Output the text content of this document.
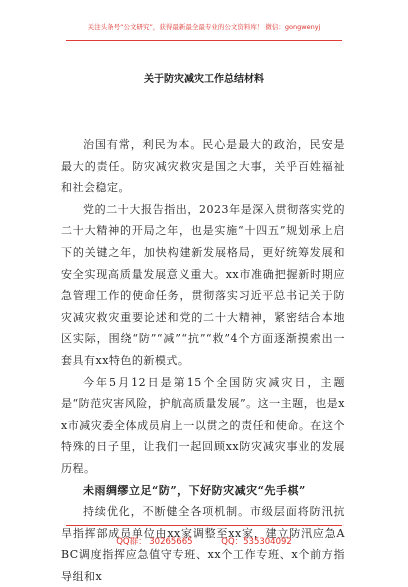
关注头条号“公文研究”，获得最新最全最专业的公文资料库！ 微信：gongwenyj
关于防灾减灾工作总结材料

治国有常，利民为本。民心是最大的政治，民安是最大的责任。防灾减灾救灾是国之大事，关乎百姓福祉和社会稳定。

党的二十大报告指出，2023年是深入贯彻落实党的二十大精神的开局之年，也是实施“十四五”规划承上启下的关键之年，加快构建新发展格局，更好统筹发展和安全实现高质量发展意义重大。xx市准确把握新时期应急管理工作的使命任务，贯彻落实习近平总书记关于防灾减灾救灾重要论述和党的二十大精神，紧密结合本地区实际，围绕“防”“减”“抗”“救”4个方面逐渐摸索出一套具有xx特色的新模式。

今年5月12日是第15个全国防灾减灾日，主题是“防范灾害风险，护航高质量发展”。这一主题，也是xx市减灾委全体成员肩上一以贯之的责任和使命。在这个特殊的日子里，让我们一起回顾xx防灾减灾事业的发展历程。

未雨绸缪立足“防”，下好防灾减灾“先手棋”

持续优化，不断健全各项机制。市级层面将防汛抗旱指挥部成员单位由xx家调整至xx家，建立防汛应急ABC调度指挥应急值守专班、xx个工作专班、x个前方指导组和x

QQ群： 30265665	QQ：535304092
